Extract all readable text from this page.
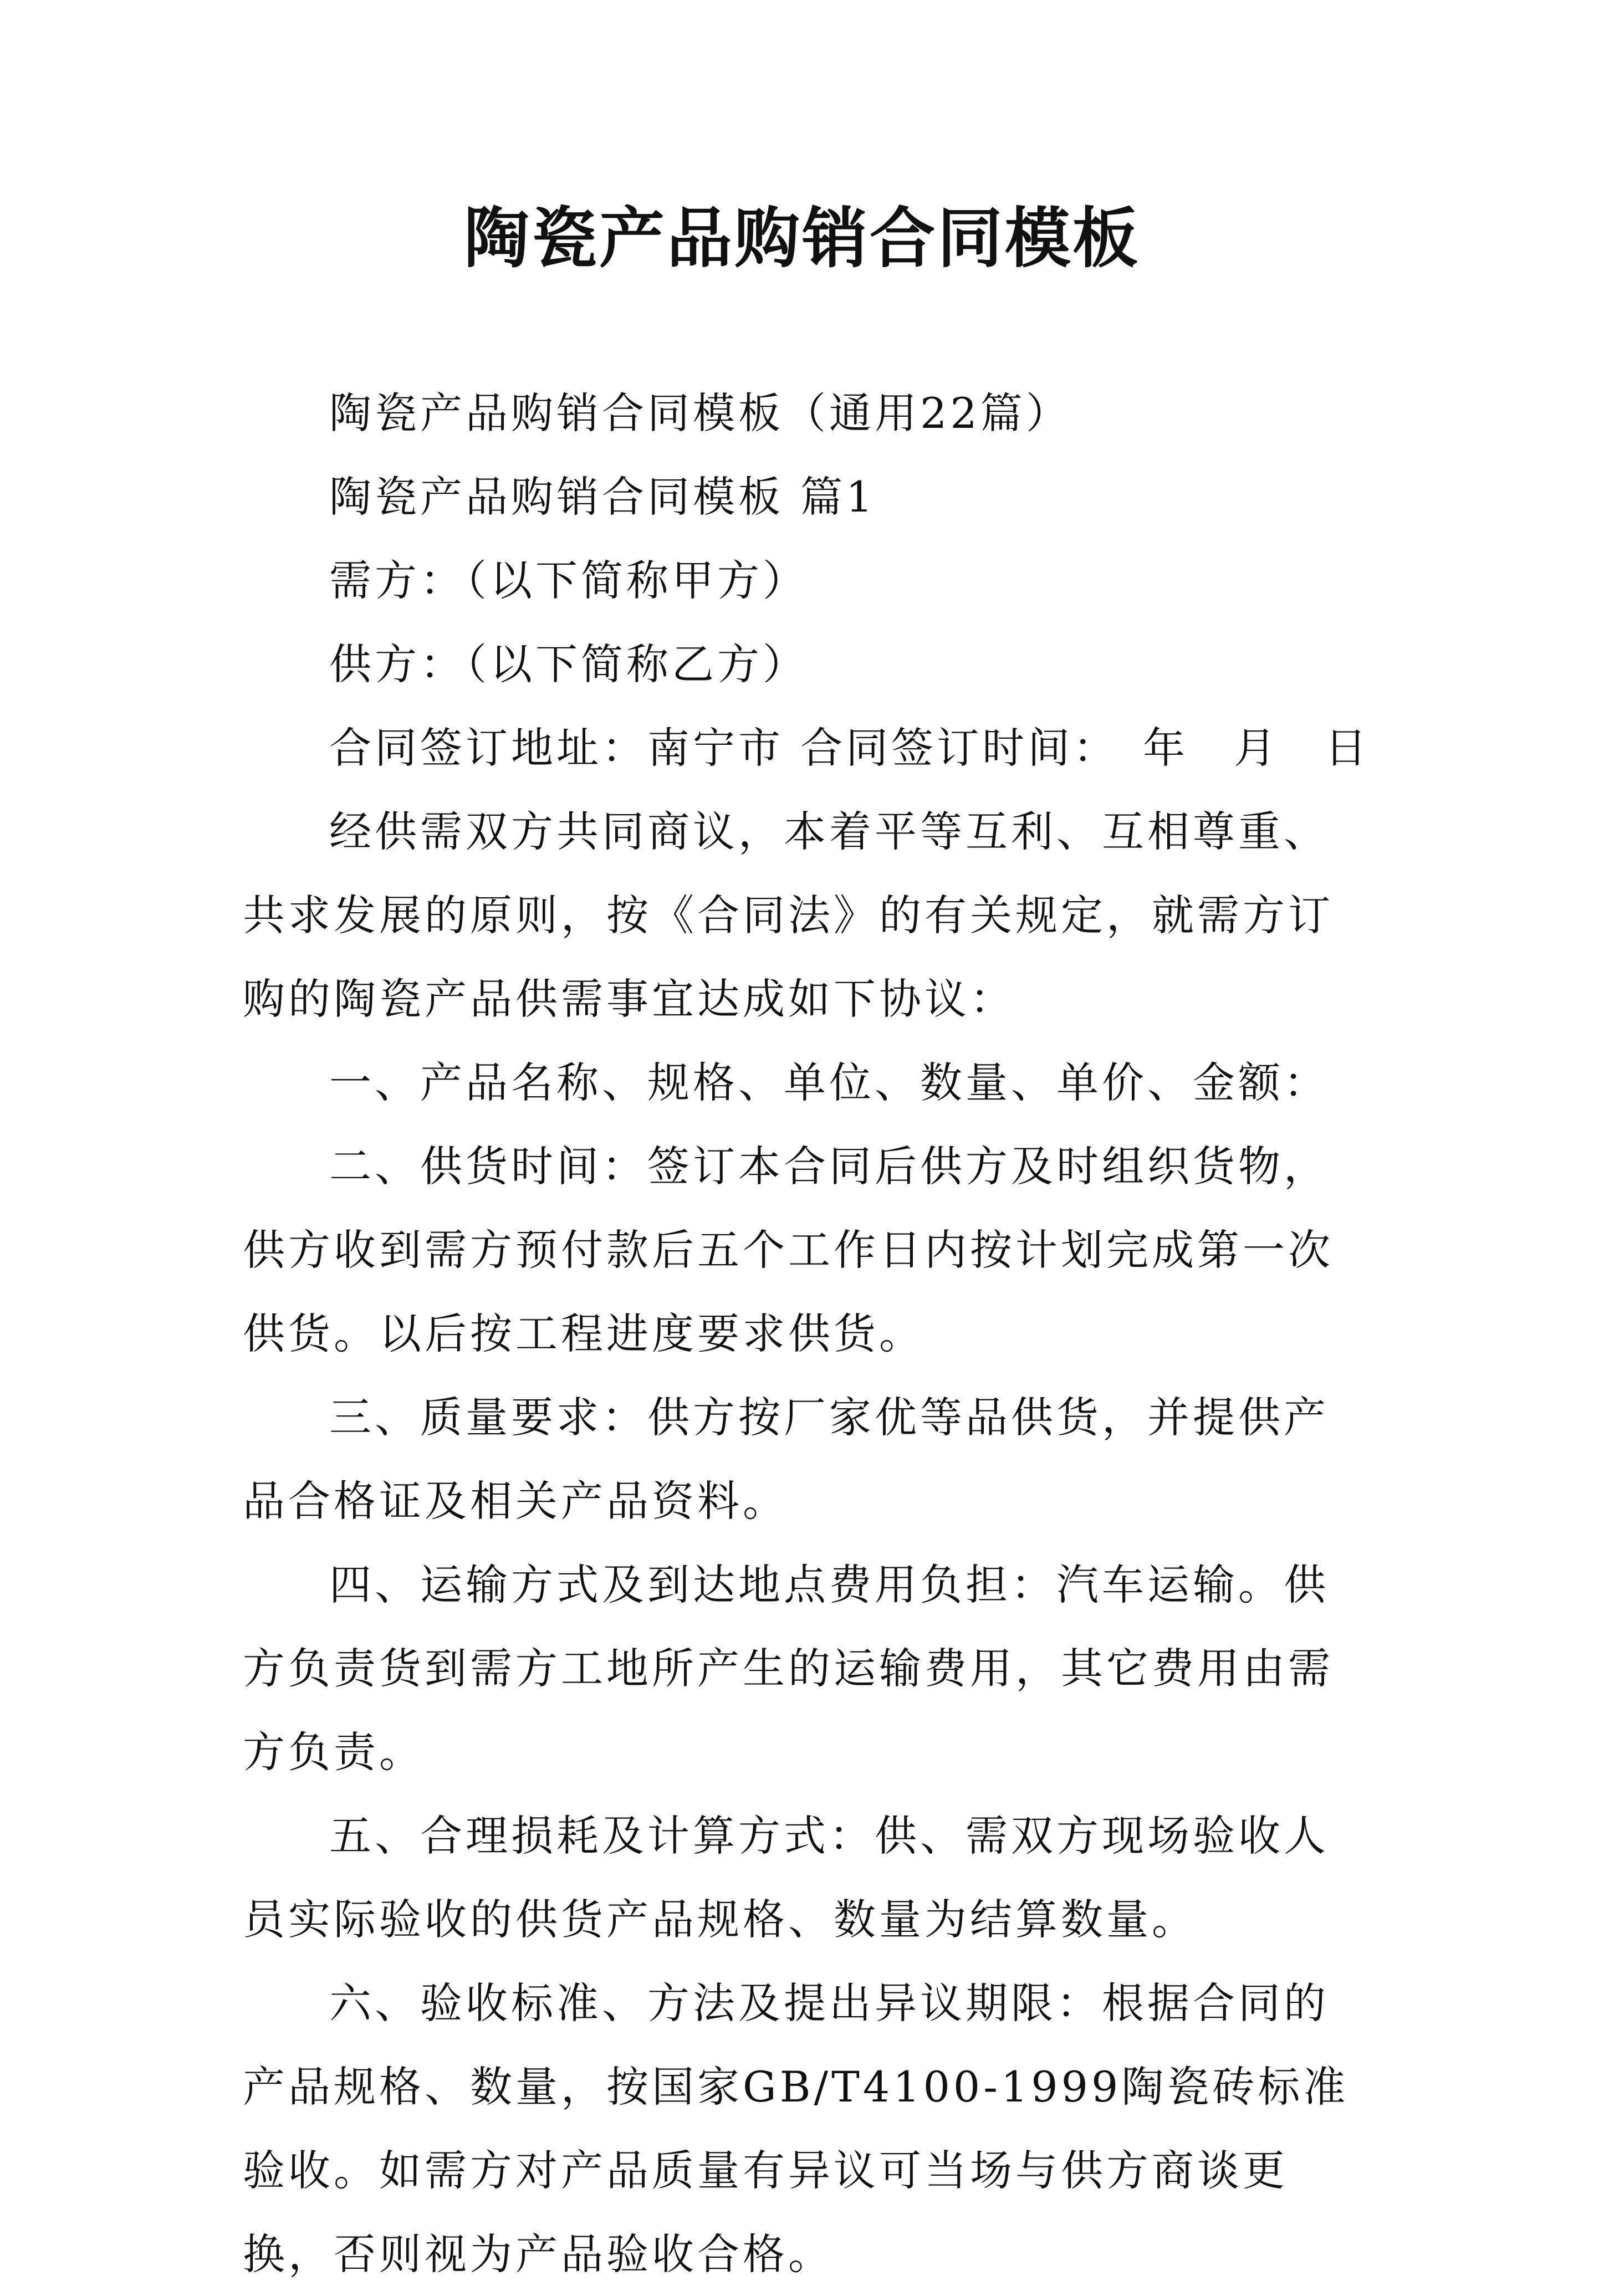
陶瓷产品购销合同模板

陶瓷产品购销合同模板（通用22篇）

陶瓷产品购销合同模板 篇1

需方：（以下简称甲方）

供方：（以下简称乙方）

合同签订地址：南宁市 合同签订时间：　年　月　日

经供需双方共同商议，本着平等互利、互相尊重、共求发展的原则，按《合同法》的有关规定，就需方订购的陶瓷产品供需事宜达成如下协议：

一、产品名称、规格、单位、数量、单价、金额：

二、供货时间：签订本合同后供方及时组织货物，供方收到需方预付款后五个工作日内按计划完成第一次供货。以后按工程进度要求供货。

三、质量要求：供方按厂家优等品供货，并提供产品合格证及相关产品资料。

四、运输方式及到达地点费用负担：汽车运输。供方负责货到需方工地所产生的运输费用，其它费用由需方负责。

五、合理损耗及计算方式：供、需双方现场验收人员实际验收的供货产品规格、数量为结算数量。

六、验收标准、方法及提出异议期限：根据合同的产品规格、数量，按国家GB/T4100-1999陶瓷砖标准验收。如需方对产品质量有异议可当场与供方商谈更换，否则视为产品验收合格。
